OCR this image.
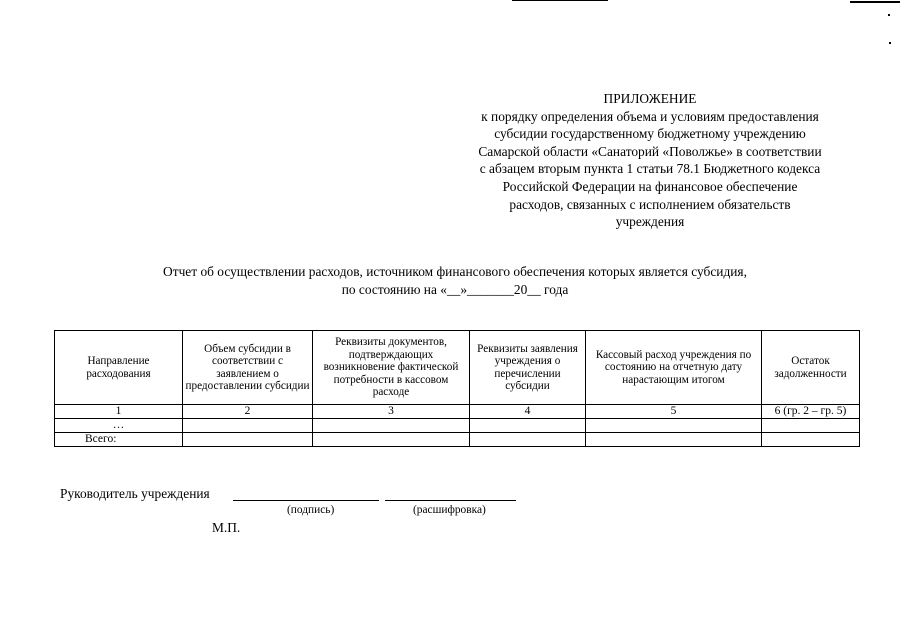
ПРИЛОЖЕНИЕ
к порядку определения объема и условиям предоставления
субсидии государственному бюджетному учреждению
Самарской области «Санаторий «Поволжье» в соответствии
с абзацем вторым пункта 1 статьи 78.1 Бюджетного кодекса
Российской Федерации на финансовое обеспечение
расходов, связанных с исполнением обязательств
учреждения
Отчет об осуществлении расходов, источником финансового обеспечения которых является субсидия,
по состоянию на «__»_______20__ года
Направление расходования	Объем субсидии в соответствии с заявлением о предоставлении субсидии	Реквизиты документов, подтверждающих возникновение фактической потребности в кассовом расходе	Реквизиты заявления учреждения о перечислении субсидии	Кассовый расход учреждения по состоянию на отчетную дату нарастающим итогом	Остаток задолженности
1	2	3	4	5	6 (гр. 2 – гр. 5)
…					
Всего:					
Руководитель учреждения
(подпись)	(расшифровка)
М.П.
